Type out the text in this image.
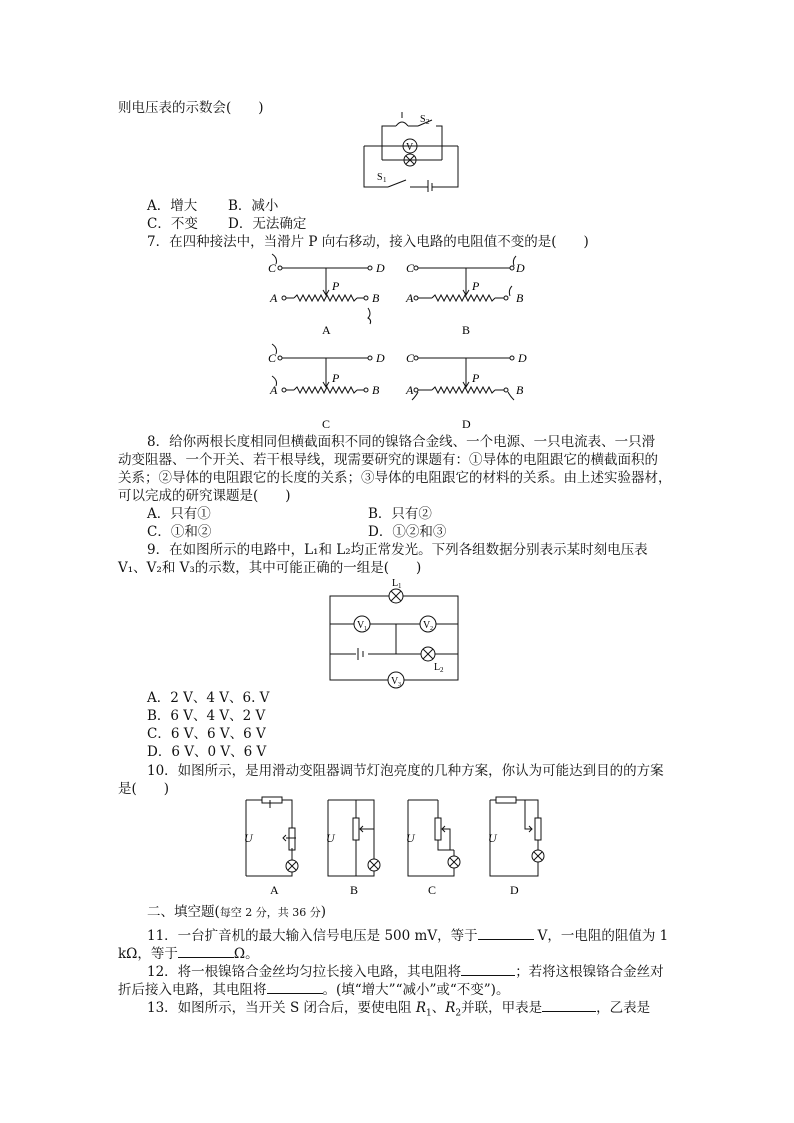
则电压表的示数会(　　)
V
S 2
S 1
A．增大 B．减小
C．不变 D．无法确定
7．在四种接法中，当滑片 P 向右移动，接入电路的电阻值不变的是(　　)
C	D
A	B
P
A
C	D
A	B
P
B
C	D
A	B
P
C
C	D
A	B
P
D
8．给你两根长度相同但横截面积不同的镍铬合金线、一个电源、一只电流表、一只滑
动变阻器、一个开关、若干根导线，现需要研究的课题有：①导体的电阻跟它的横截面积的
关系；②导体的电阻跟它的长度的关系；③导体的电阻跟它的材料的关系。由上述实验器材，
可以完成的研究课题是(　　)
A．只有①	B．只有②
C．①和②	D．①②和③
9．在如图所示的电路中，L₁和 L₂均正常发光。下列各组数据分别表示某时刻电压表
V₁、V₂和 V₃的示数，其中可能正确的一组是(　　)
L 1
L 2
V 1	V 2
V 3
A．2 V、4 V、6. V
B．6 V、4 V、2 V
C．6 V、6 V、6 V
D．6 V、0 V、6 V
10．如图所示，是用滑动变阻器调节灯泡亮度的几种方案，你认为可能达到目的的方案
是(　　)
U	U	U	U
A	B	C	D
二、填空题(每空 2 分，共 36 分)
11．一台扩音机的最大输入信号电压是 500 mV，等于	V，一电阻的阻值为 1
kΩ，等于	Ω。
12．将一根镍铬合金丝均匀拉长接入电路，其电阻将	；若将这根镍铬合金丝对
折后接入电路，其电阻将	。(填“增大”“减小”或“不变”)。
13．如图所示，当开关 S 闭合后，要使电阻 $R_1$、$R_2$并联，甲表是	，乙表是
